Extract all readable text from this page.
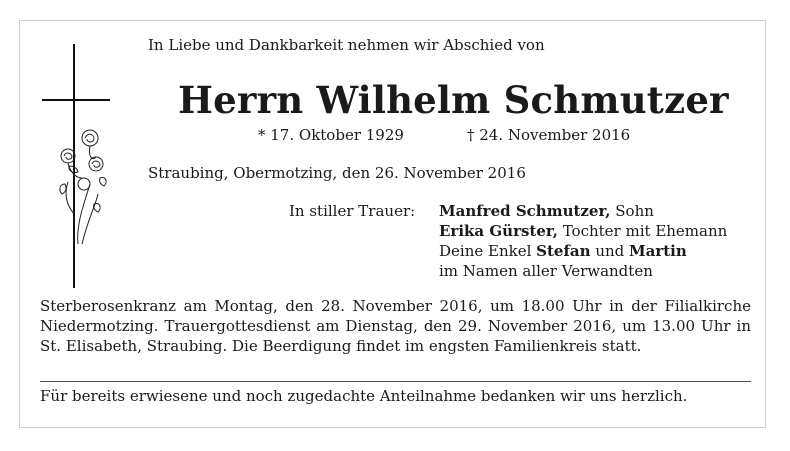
In Liebe und Dankbarkeit nehmen wir Abschied von
Herrn Wilhelm Schmutzer
* 17. Oktober 1929	† 24. November 2016
Straubing, Obermotzing, den 26. November 2016
In stiller Trauer: Manfred Schmutzer, Sohn
Erika Gürster, Tochter mit Ehemann
Deine Enkel Stefan und Martin
im Namen aller Verwandten
Sterberosenkranz am Montag, den 28. November 2016, um 18.00 Uhr in der Filialkirche Niedermotzing. Trauergottesdienst am Dienstag, den 29. November 2016, um 13.00 Uhr in St. Elisabeth, Straubing. Die Beerdigung findet im engsten Familienkreis statt.
Für bereits erwiesene und noch zugedachte Anteilnahme bedanken wir uns herzlich.
